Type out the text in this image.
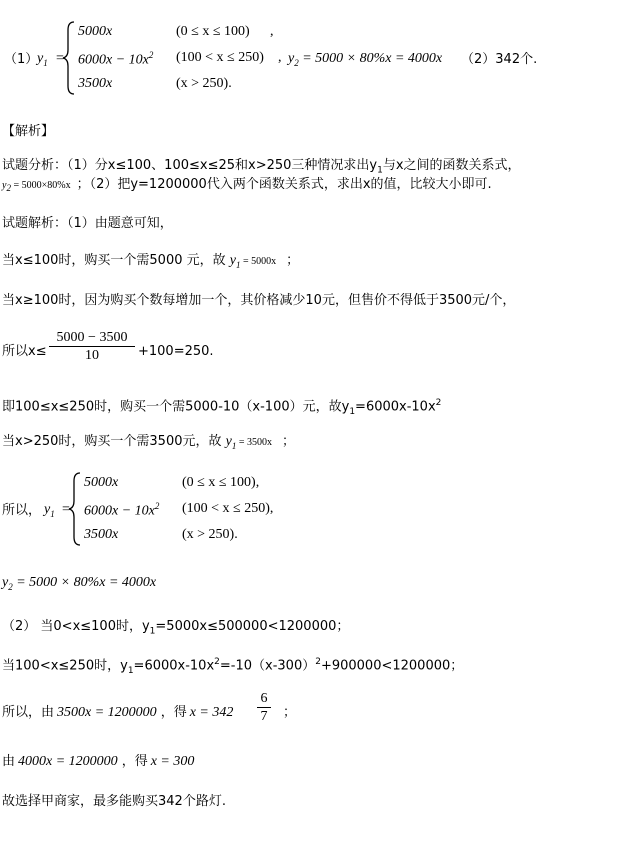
（1）
$y_1$ =
5000x	(0 ≤ x ≤ 100) ,
$6000x - 10x^2$ (100 < x ≤ 250) ,
3500x	(x > 250).
$y_2 = 5000 \times 80\%x = 4000x$ （2）342个.
【解析】
试题分析：（1）分x≤100、100≤x≤25和x>250三种情况求出$y_1$与x之间的函数关系式，
$y_2 = 5000\times 80\%x$ ；（2）把y=1200000代入两个函数关系式，求出x的值，比较大小即可.
试题解析：（1）由题意可知，
当x≤100时，购买一个需5000 元，故 $y_1 = 5000x$ ；
当x≥100时，因为购买个数每增加一个，其价格减少10元，但售价不得低于3500元/个，
所以$x\le \frac{5000 - 3500}{10} +100=250$.
即100≤x≤250时，购买一个需5000-10（x-100）元，故$y_1=6000x-10x^2$
当x>250时，购买一个需3500元，故 $y_1 = 3500x$ ；
所以， $y_1$ =
5000x	(0 ≤ x ≤ 100),
$6000x - 10x^2$ (100 < x ≤ 250),
3500x	(x > 250).
$y_2 = 5000 \times 80\%x = 4000x$
（2） 当0<x≤100时，$y_1=5000x\le 500000<1200000$；
当100<x≤250时，$y_1=6000x-10x^2=-10(x-300)^2+900000<1200000$；
所以，由 3500x = 1200000 ，得 $x = 342 \frac{6}{7}$ ；
由 4000x = 1200000 ，得 x = 300
故选择甲商家，最多能购买342个路灯.
